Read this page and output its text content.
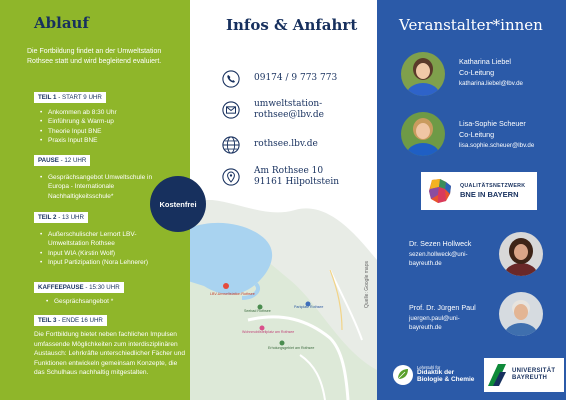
Ablauf

Die Fortbildung findet an der Umweltstation Rothsee statt und wird begleitend evaluiert.

TEIL 1 - START 9 UHR
• Ankommen ab 8:30 Uhr
• Einführung & Warm-up
• Theorie Input BNE
• Praxis Input BNE
PAUSE - 12 UHR
• Gesprächsangebot Umweltschule in Europa - Internationale Nachhaltigkeitsschule*
TEIL 2 - 13 UHR
• Außerschulischer Lernort LBV-Umweltstation Rothsee
• Input WIA (Kirstin Wolf)
• Input Partizipation (Nora Lehnerer)
KAFFEEPAUSE - 15:30 UHR
• Gesprächsangebot *
TEIL 3 - ENDE 16 UHR

Die Fortbildung bietet neben fachlichen Impulsen umfassende Möglichkeiten zum interdisziplinären Austausch: Lehrkräfte unterschiedlicher Fächer und Funktionen entwickeln gemeinsam Konzepte, die das Schulhaus nachhaltig mitgestalten.

Infos & Anfahrt
09174 / 9 773 773
umweltstation-rothsee@lbv.de
rothsee.lbv.de
Am Rothsee 10
91161 Hilpoltstein
LBV-Umweltstation Rothsee
Seebad Rothsee
Parkplatz Rothsee
Wohnmobilstellplatz am Rothsee
Erholungsgebiet am Rothsee
Quelle: Google maps
Kostenfrei
Veranstalter*innen
Katharina Liebel
Co-Leitung
katharina.liebel@lbv.de
Lisa-Sophie Scheuer
Co-Leitung
lisa.sophie.scheuer@lbv.de
QUALITÄTSNETZWERK
BNE IN BAYERN
Dr. Sezen Hollweck
sezen.hollweck@uni-bayreuth.de
Prof. Dr. Jürgen Paul
juergen.paul@uni-bayreuth.de
Lehrstuhl für
Didaktik der
Biologie & Chemie
UNIVERSITÄT
BAYREUTH
